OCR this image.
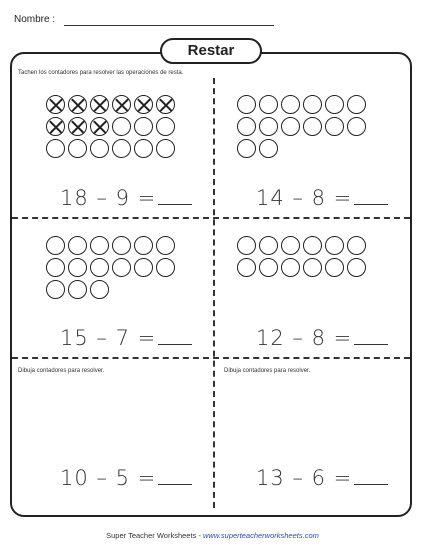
Nombre :
Restar
Tachen los contadores para resolver las operaciones de resta.
18 – 9 =	14 – 8 =
15 – 7 =	12 – 8 =
Dibuja contadores para resolver.	Dibuja contadores para resolver.
10 – 5 =	13 – 6 =
Super Teacher Worksheets - www.superteacherworksheets.com
